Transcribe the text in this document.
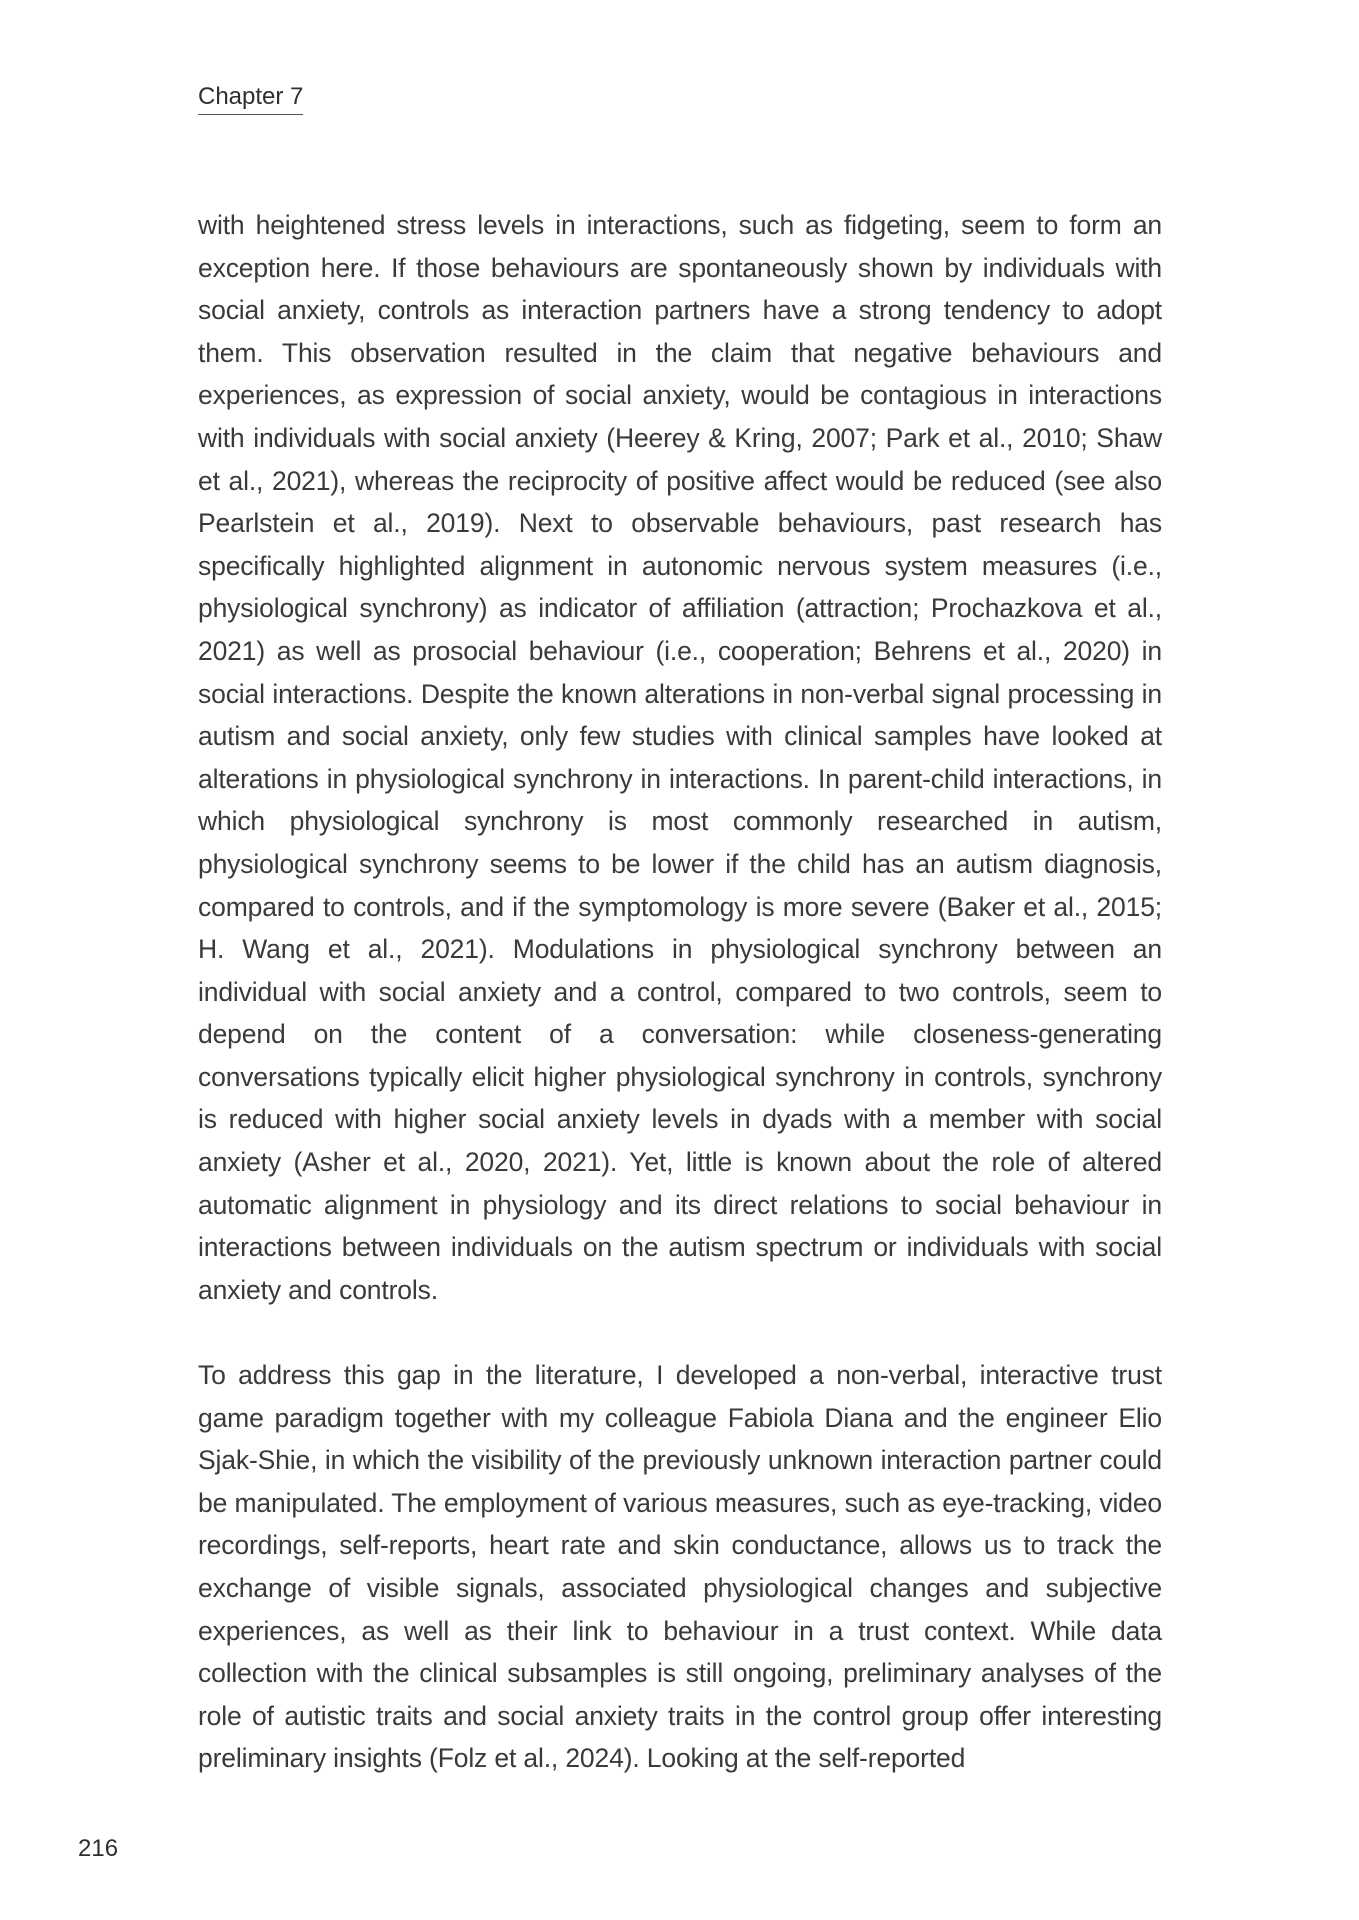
Chapter 7

with heightened stress levels in interactions, such as fidgeting, seem to form an exception here. If those behaviours are spontaneously shown by individuals with social anxiety, controls as interaction partners have a strong tendency to adopt them. This observation resulted in the claim that negative behaviours and experiences, as expression of social anxiety, would be contagious in interactions with individuals with social anxiety (Heerey & Kring, 2007; Park et al., 2010; Shaw et al., 2021), whereas the reciprocity of positive affect would be reduced (see also Pearlstein et al., 2019). Next to observable behaviours, past research has specifically highlighted alignment in autonomic nervous system measures (i.e., physiological synchrony) as indicator of affiliation (attraction; Prochazkova et al., 2021) as well as prosocial behaviour (i.e., cooperation; Behrens et al., 2020) in social interactions. Despite the known alterations in non-verbal signal processing in autism and social anxiety, only few studies with clinical samples have looked at alterations in physiological synchrony in interactions. In parent-child interactions, in which physiological synchrony is most commonly researched in autism, physiological synchrony seems to be lower if the child has an autism diagnosis, compared to controls, and if the symptomology is more severe (Baker et al., 2015; H. Wang et al., 2021). Modulations in physiological synchrony between an individual with social anxiety and a control, compared to two controls, seem to depend on the content of a conversation: while closeness-generating conversations typically elicit higher physiological synchrony in controls, synchrony is reduced with higher social anxiety levels in dyads with a member with social anxiety (Asher et al., 2020, 2021). Yet, little is known about the role of altered automatic alignment in physiology and its direct relations to social behaviour in interactions between individuals on the autism spectrum or individuals with social anxiety and controls.

To address this gap in the literature, I developed a non-verbal, interactive trust game paradigm together with my colleague Fabiola Diana and the engineer Elio Sjak-Shie, in which the visibility of the previously unknown interaction partner could be manipulated. The employment of various measures, such as eye-tracking, video recordings, self-reports, heart rate and skin conductance, allows us to track the exchange of visible signals, associated physiological changes and subjective experiences, as well as their link to behaviour in a trust context. While data collection with the clinical subsamples is still ongoing, preliminary analyses of the role of autistic traits and social anxiety traits in the control group offer interesting preliminary insights (Folz et al., 2024). Looking at the self-reported

216
